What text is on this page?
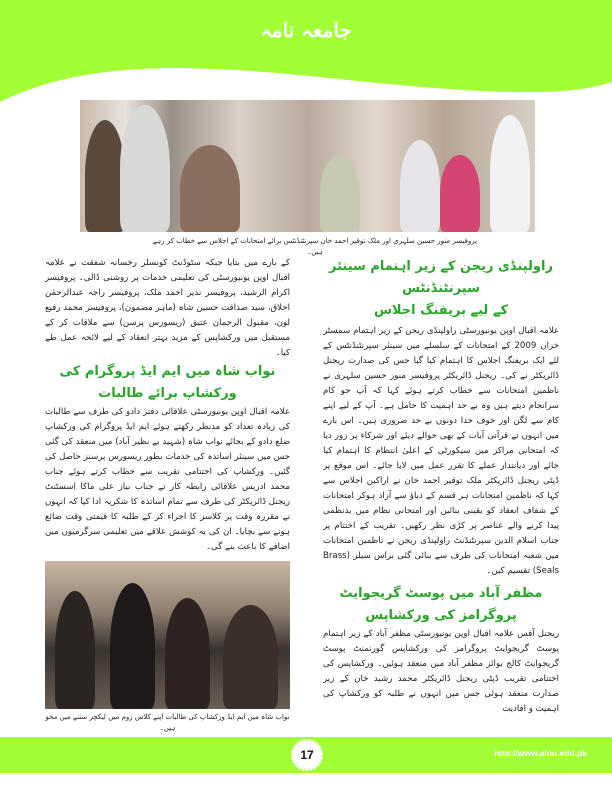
جامعہ نامہ
پروفیسر منور حسین سلہری اور ملک توقیر احمد خان سپرنٹنڈنٹس برائے امتحانات کے اجلاس سے خطاب کر رہے ہیں۔
راولپنڈی ریجن کے زیر اہتمام سینئر سپرنٹنڈنٹس
کے لیے بریفنگ اجلاس
علامہ اقبال اوپن یونیورسٹی راولپنڈی ریجن کے زیر اہتمام سمسٹر خزاں 2009 کے امتحانات کے سلسلے میں سینئر سپرنٹنڈنٹس کے لئے ایک بریفنگ اجلاس کا اہتمام کیا گیا جس کی صدارت ریجنل ڈائریکٹر نے کی۔ ریجنل ڈائریکٹر پروفیسر منور حسین سلہری نے ناظمین امتحانات سے خطاب کرتے ہوئے کہا کہ آپ جو کام سرانجام دیتے ہیں وہ بے حد اہمیت کا حامل ہے۔ آپ کے لیے اپنے کام سے لگن اور خوف خدا دونوں بے حد ضروری ہیں۔ اس بارے میں انہوں نے قرآنی آیات کے بھی حوالے دیئے اور شرکاء پر زور دیا کہ امتحانی مراکز میں سیکورٹی کے اعلیٰ انتظام کا اہتمام کیا جائے اور دیانتدار عملے کا تقرر عمل میں لایا جائے۔ اس موقع پر ڈپٹی ریجنل ڈائریکٹر ملک توقیر احمد خان نے اراکین اجلاس سے کہا کہ ناظمین امتحانات ہر قسم کے دباؤ سے آزاد ہوکر امتحانات کے شفاف انعقاد کو یقینی بنائیں اور امتحانی نظام میں بدنظمی پیدا کرنے والے عناصر پر کڑی نظر رکھیں۔ تقریب کے اختتام پر جناب اسلام الدین سپرنٹنڈنٹ راولپنڈی ریجن نے ناظمین امتحانات میں شعبہ امتحانات کی طرف سے بنائی گئی براس سیلز (Brass Seals) تقسیم کیں۔
مظفر آباد میں پوسٹ گریجوایٹ پروگرامز کی ورکشاپس
ریجنل آفس علامہ اقبال اوپن یونیورسٹی مظفر آباد کے زیر اہتمام پوسٹ گریجوایٹ پروگرامز کی ورکشاپس گورنمنٹ پوسٹ گریجوایٹ کالج بوائز مظفر آباد میں منعقد ہوئیں۔ ورکشاپس کی اختتامی تقریب ڈپٹی ریجنل ڈائریکٹر محمد رشید خان کے زیر صدارت منعقد ہوئی جس میں انہوں نے طلبہ کو ورکشاپ کی اہمیت و افادیت
کے بارے میں بتایا جبکہ سٹوڈنٹ کونسلر رخسانہ شفقت نے علامہ اقبال اوپن یونیورسٹی کی تعلیمی خدمات پر روشنی ڈالی۔ پروفیسر اکرام الرشید، پروفیسر نذیر احمد ملک، پروفیسر راجہ عبدالرحمٰن اخلاق، سید صداقت حسین شاہ (ماہر مضمون)، پروفیسر محمد رفیع لون، مقبول الرحمان عتیق (ریسورس پرسن) سے ملاقات کر کے مستقبل میں ورکشاپس کے مزید بہتر انعقاد کے لیے لائحہ عمل طے کیا۔
نواب شاہ میں ایم ایڈ پروگرام کی ورکشاپ برائے طالبات
علامہ اقبال اوپن یونیورسٹی علاقائی دفتر دادو کی طرف سے طالبات کی زیادہ تعداد کو مدنظر رکھتے ہوئے ایم ایڈ پروگرام کی ورکشاپ ضلع دادو کے بجائے نواب شاہ (شہید بے نظیر آباد) میں منعقد کی گئی جس میں سینئر اساتذہ کی خدمات بطور ریسورس پرسنز حاصل کی گئیں۔ ورکشاپ کی اختتامی تقریب سے خطاب کرتے ہوئے جناب محمد ادریس علاقائی رابطہ کار تے جناب نیاز علی ماکا اسسٹنٹ ریجنل ڈائریکٹر کی طرف سے تمام اساتذہ کا شکریہ ادا کیا کہ انہوں نے مقررہ وقت پر کلاسز کا اجراء کر کے طلبہ کا قیمتی وقت ضائع ہونے سے بچایا۔ ان کی یہ کوشش علاقے میں تعلیمی سرگرمیوں میں اضافے کا باعث بنے گی۔
نواب شاہ میں ایم ایڈ ورکشاپ کی طالبات اپنے کلاس روم میں لیکچر سننے میں محو ہیں۔
http://www.aiou.edu.pk
17
